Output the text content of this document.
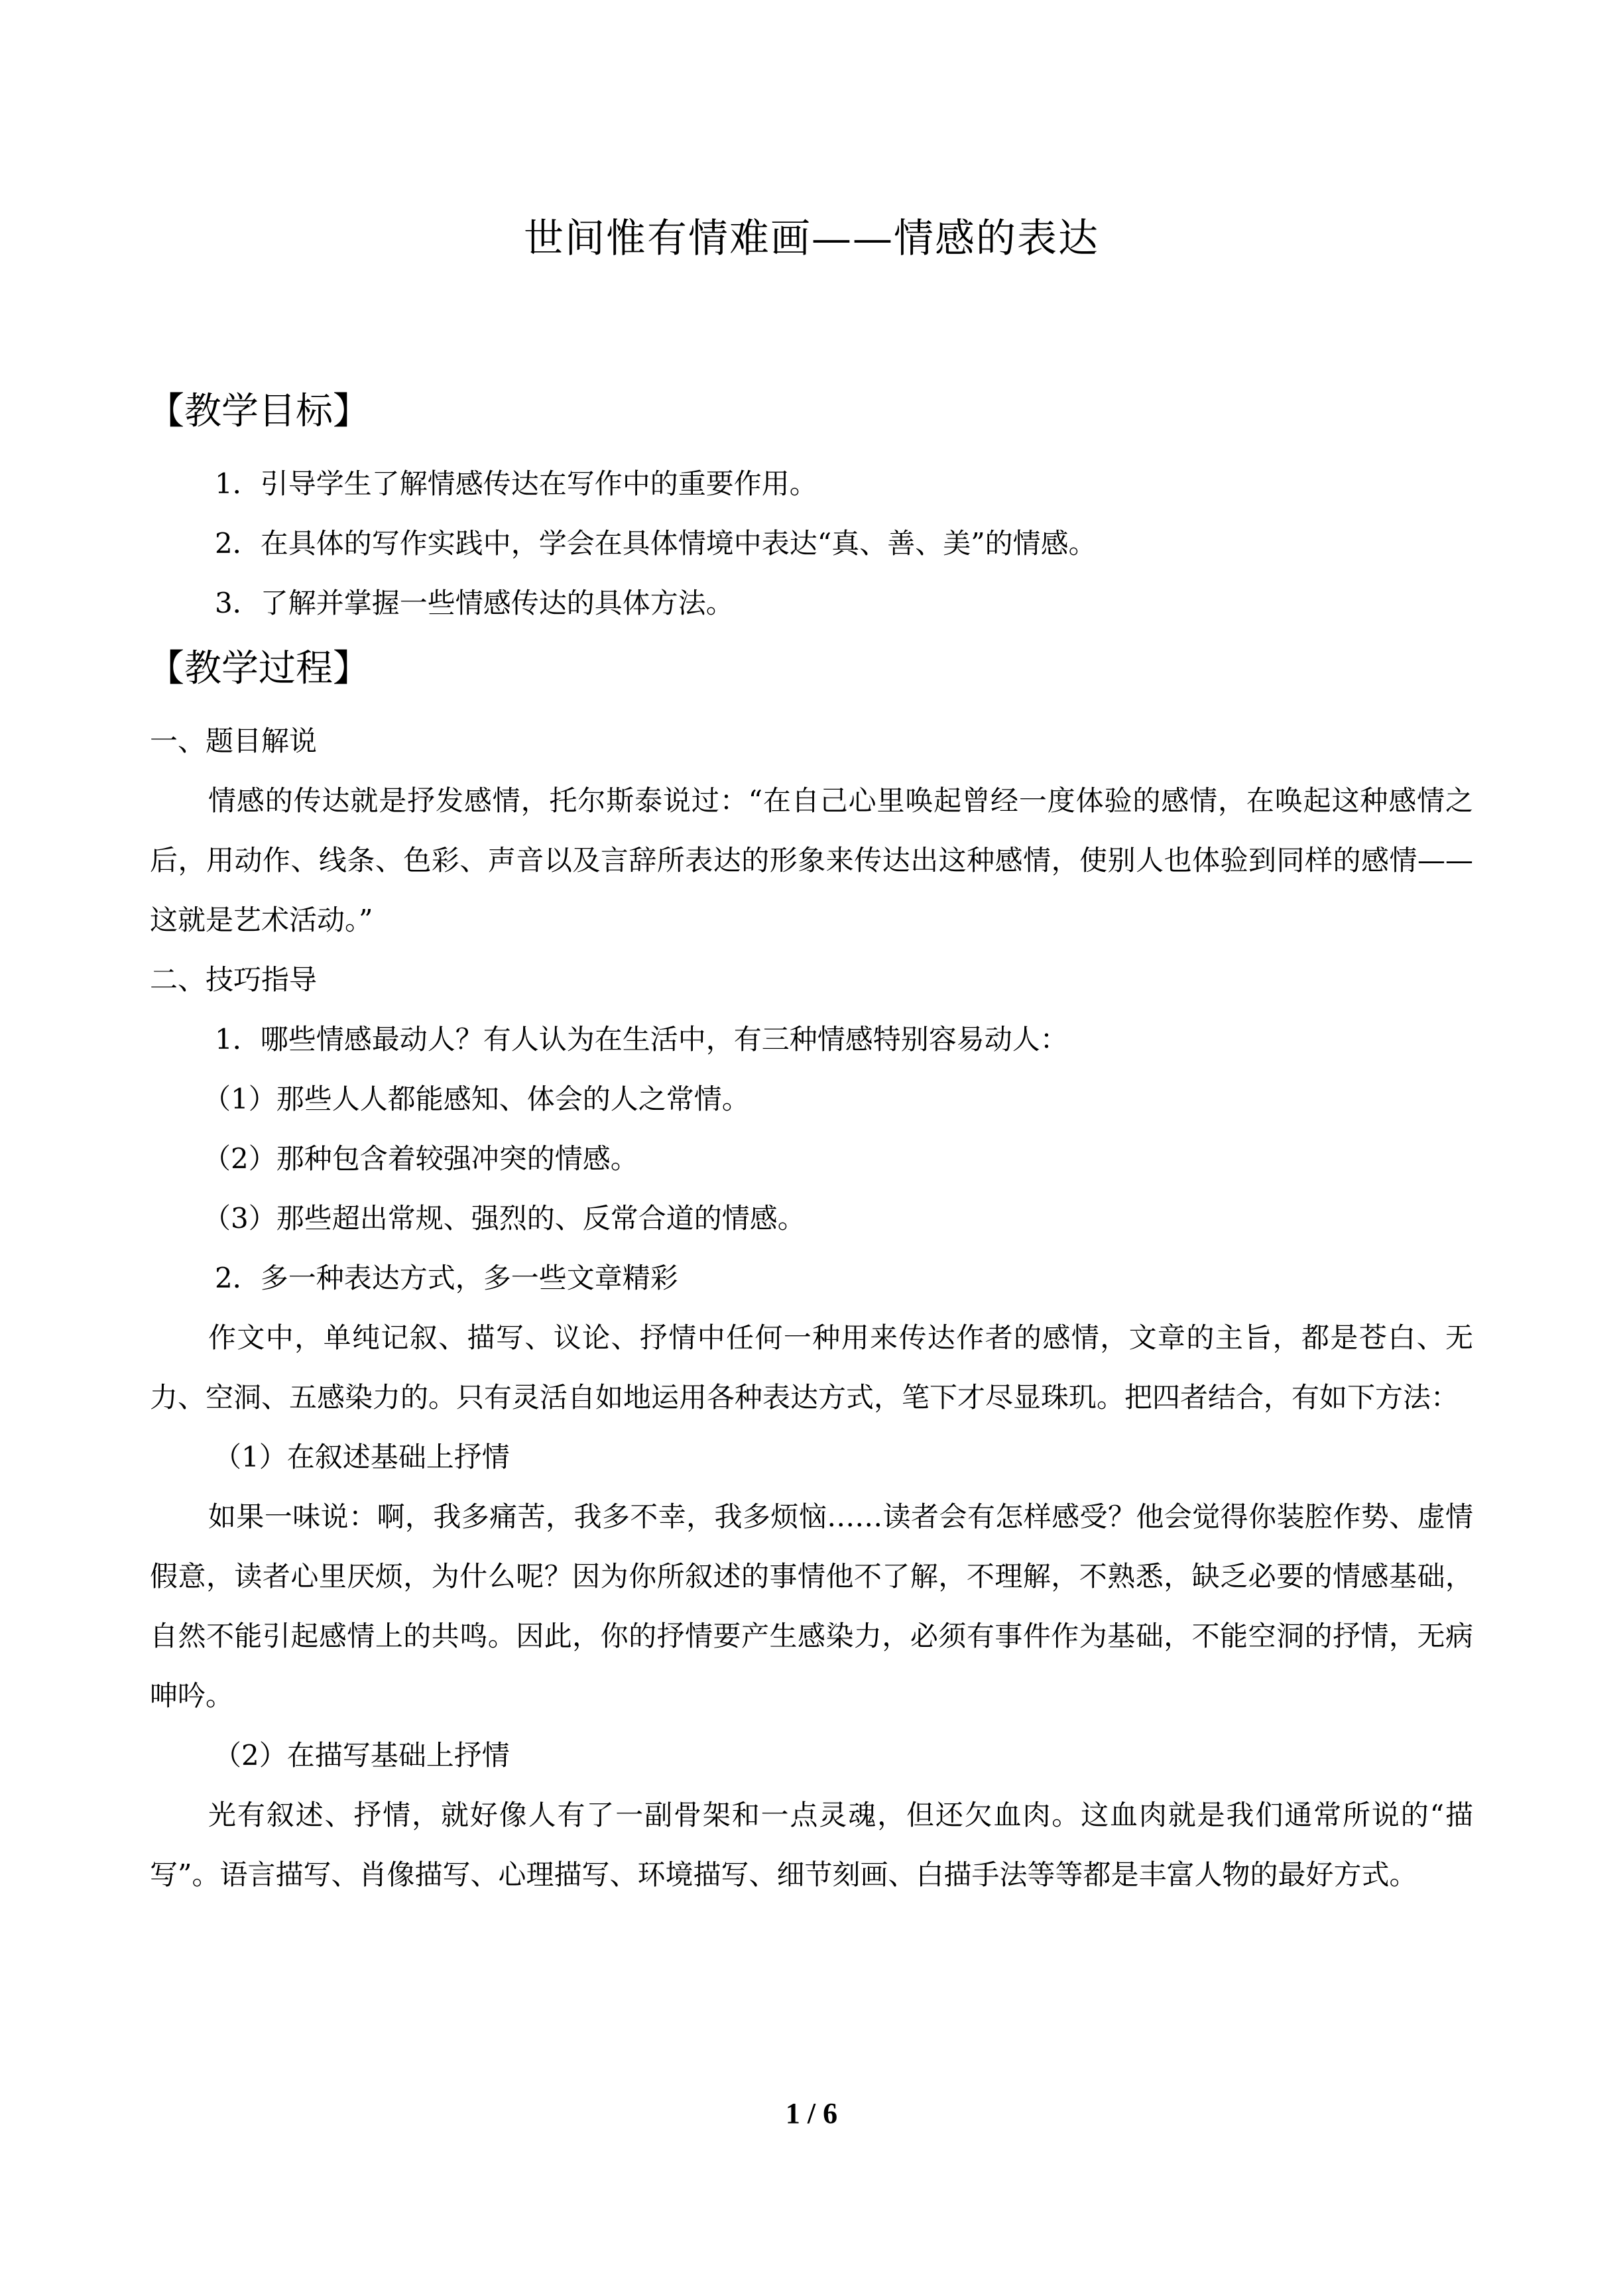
世间惟有情难画——情感的表达
【教学目标】
1．引导学生了解情感传达在写作中的重要作用。
2．在具体的写作实践中，学会在具体情境中表达“真、善、美”的情感。
3．了解并掌握一些情感传达的具体方法。
【教学过程】
一、题目解说
情感的传达就是抒发感情，托尔斯泰说过：“在自己心里唤起曾经一度体验的感情，在唤起这种感情之后，用动作、线条、色彩、声音以及言辞所表达的形象来传达出这种感情，使别人也体验到同样的感情——这就是艺术活动。”
二、技巧指导
1．哪些情感最动人？有人认为在生活中，有三种情感特别容易动人：
（1）那些人人都能感知、体会的人之常情。
（2）那种包含着较强冲突的情感。
（3）那些超出常规、强烈的、反常合道的情感。
2．多一种表达方式，多一些文章精彩
作文中，单纯记叙、描写、议论、抒情中任何一种用来传达作者的感情，文章的主旨，都是苍白、无力、空洞、五感染力的。只有灵活自如地运用各种表达方式，笔下才尽显珠玑。把四者结合，有如下方法：
（1）在叙述基础上抒情
如果一味说：啊，我多痛苦，我多不幸，我多烦恼……读者会有怎样感受？他会觉得你装腔作势、虚情假意，读者心里厌烦，为什么呢？因为你所叙述的事情他不了解，不理解，不熟悉，缺乏必要的情感基础，自然不能引起感情上的共鸣。因此，你的抒情要产生感染力，必须有事件作为基础，不能空洞的抒情，无病呻吟。
（2）在描写基础上抒情
光有叙述、抒情，就好像人有了一副骨架和一点灵魂，但还欠血肉。这血肉就是我们通常所说的“描写”。语言描写、肖像描写、心理描写、环境描写、细节刻画、白描手法等等都是丰富人物的最好方式。
1 / 6
